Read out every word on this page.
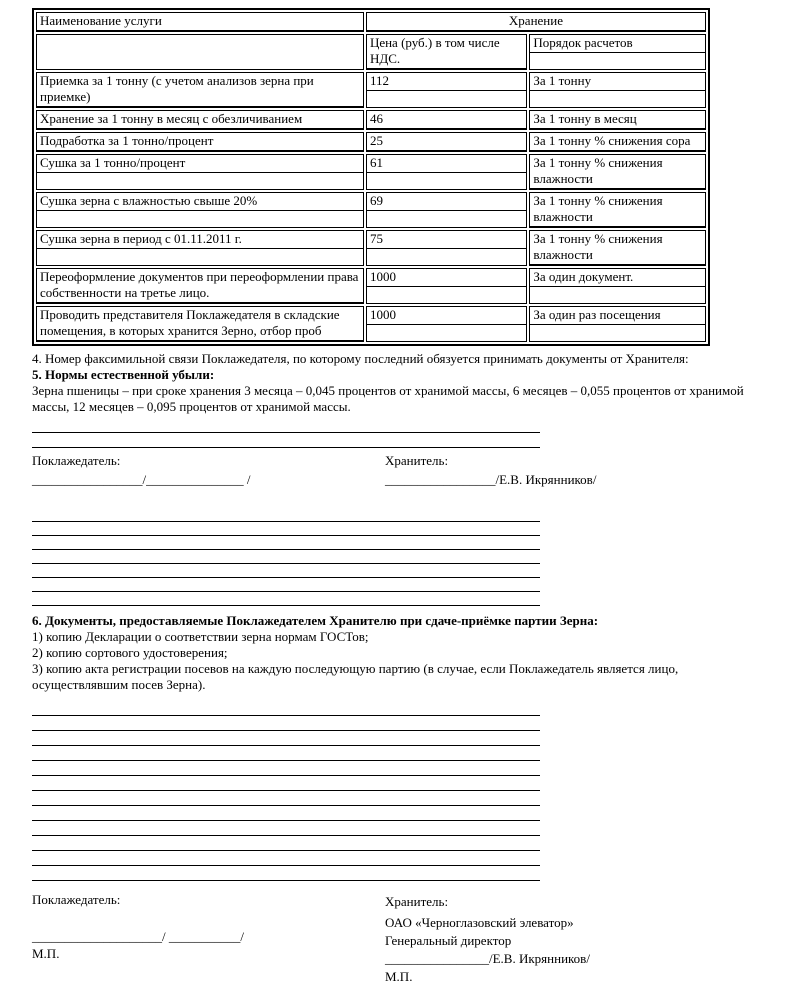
Наименование услуги	Хранение	

	Цена (руб.) в том числе НДС.	Порядок расчетов

Приемка за 1 тонну (с учетом анализов зерна при приемке)	112	За 1 тонну

Хранение за 1 тонну в месяц с обезличиванием	46	За 1 тонну в месяц

Подработка за 1 тонно/процент	25	За 1 тонну % снижения сора

Сушка за 1 тонно/процент	61	За 1 тонну % снижения влажности

Сушка зерна с влажностью свыше 20%	69	За 1 тонну % снижения влажности

Сушка зерна в период с 01.11.2011 г.	75	За 1 тонну % снижения влажности

Переоформление документов при переоформлении права собственности на третье лицо.	1000	За один документ.

Проводить представителя Поклажедателя в складские помещения, в которых хранится Зерно, отбор проб	1000	За один раз посещения

4. Номер факсимильной связи Поклажедателя, по которому последний обязуется принимать документы от Хранителя:

5. Нормы естественной убыли:

Зерна пшеницы – при сроке хранения 3 месяца – 0,045 процентов от хранимой массы, 6 месяцев – 0,055 процентов от хранимой массы, 12 месяцев – 0,095 процентов от хранимой массы.

Поклажедатель:
_________________/_______________ /
Хранитель:
_________________/Е.В. Икрянников/

6. Документы, предоставляемые Поклажедателем Хранителю при сдаче-приёмке партии Зерна:

1) копию Декларации о соответствии зерна нормам ГОСТов;

2) копию сортового удостоверения;

3) копию акта регистрации посевов на каждую последующую партию (в случае, если Поклажедатель является лицо, осуществлявшим посев Зерна).

Поклажедатель:
____________________/ ___________/
М.П.
Хранитель:
ОАО «Черноглазовский элеватор»
Генеральный директор
________________/Е.В. Икрянников/
М.П.
